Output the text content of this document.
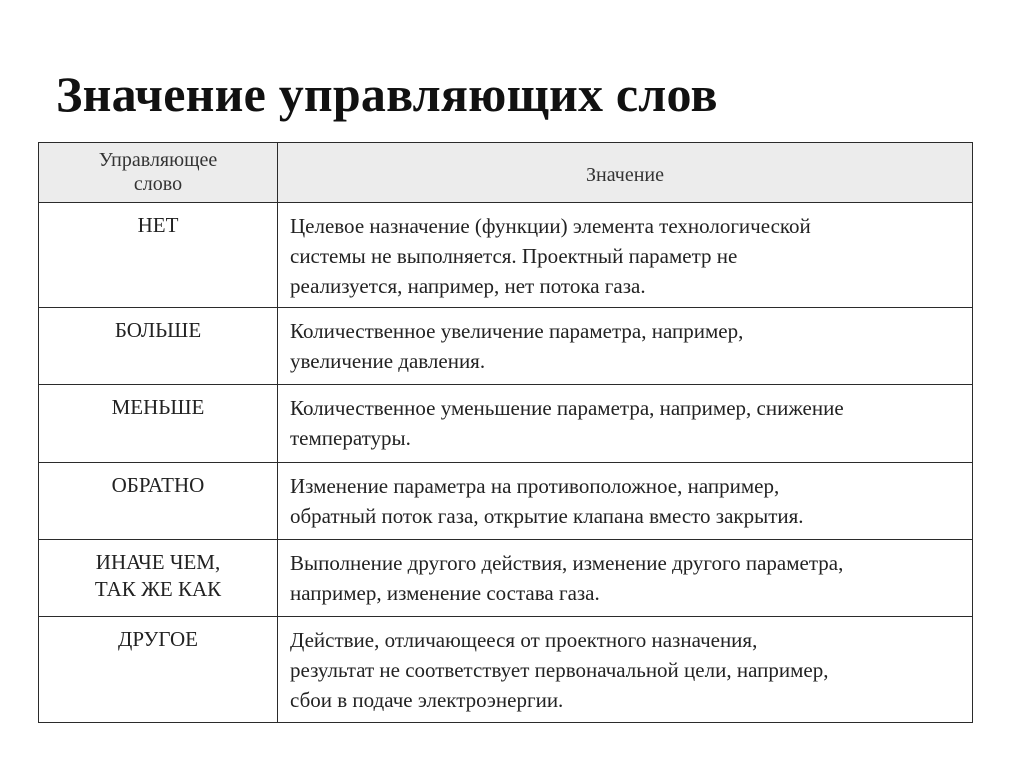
Значение управляющих слов
Управляющее
слово	Значение
НЕТ	Целевое назначение (функции) элемента технологической
системы не выполняется. Проектный параметр не
реализуется, например, нет потока газа.
БОЛЬШЕ	Количественное увеличение параметра, например,
увеличение давления.
МЕНЬШЕ	Количественное уменьшение параметра, например, снижение
температуры.
ОБРАТНО	Изменение параметра на противоположное, например,
обратный поток газа, открытие клапана вместо закрытия.
ИНАЧЕ ЧЕМ,
ТАК ЖЕ КАК	Выполнение другого действия, изменение другого параметра,
например, изменение состава газа.
ДРУГОЕ	Действие, отличающееся от проектного назначения,
результат не соответствует первоначальной цели, например,
сбои в подаче электроэнергии.
